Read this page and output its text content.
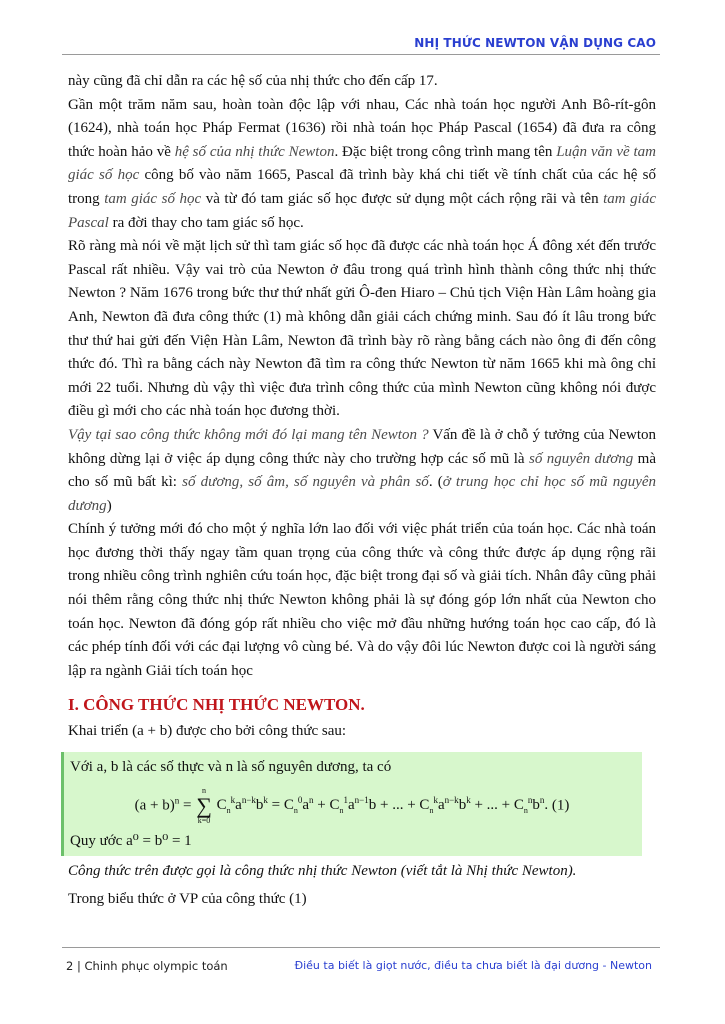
NHỊ THỨC NEWTON VẬN DỤNG CAO

này cũng đã chỉ dẫn ra các hệ số của nhị thức cho đến cấp 17.

Gần một trăm năm sau, hoàn toàn độc lập với nhau, Các nhà toán học người Anh Bô-rít-gôn (1624), nhà toán học Pháp Fermat (1636) rồi nhà toán học Pháp Pascal (1654) đã đưa ra công thức hoàn hảo về hệ số của nhị thức Newton. Đặc biệt trong công trình mang tên Luận văn về tam giác số học công bố vào năm 1665, Pascal đã trình bày khá chi tiết về tính chất của các hệ số trong tam giác số học và từ đó tam giác số học được sử dụng một cách rộng rãi và tên tam giác Pascal ra đời thay cho tam giác số học.

Rõ ràng mà nói về mặt lịch sử thì tam giác số học đã được các nhà toán học Á đông xét đến trước Pascal rất nhiều. Vậy vai trò của Newton ở đâu trong quá trình hình thành công thức nhị thức Newton ? Năm 1676 trong bức thư thứ nhất gửi Ô-đen Hiaro – Chủ tịch Viện Hàn Lâm hoàng gia Anh, Newton đã đưa công thức (1) mà không dẫn giải cách chứng minh. Sau đó ít lâu trong bức thư thứ hai gửi đến Viện Hàn Lâm, Newton đã trình bày rõ ràng bằng cách nào ông đi đến công thức đó. Thì ra bằng cách này Newton đã tìm ra công thức Newton từ năm 1665 khi mà ông chỉ mới 22 tuổi. Nhưng dù vậy thì việc đưa trình công thức của mình Newton cũng không nói được điều gì mới cho các nhà toán học đương thời.

Vậy tại sao công thức không mới đó lại mang tên Newton ? Vấn đề là ở chỗ ý tưởng của Newton không dừng lại ở việc áp dụng công thức này cho trường hợp các số mũ là số nguyên dương mà cho số mũ bất kì: số dương, số âm, số nguyên và phân số. (ở trung học chỉ học số mũ nguyên dương)

Chính ý tưởng mới đó cho một ý nghĩa lớn lao đối với việc phát triển của toán học. Các nhà toán học đương thời thấy ngay tầm quan trọng của công thức và công thức được áp dụng rộng rãi trong nhiều công trình nghiên cứu toán học, đặc biệt trong đại số và giải tích. Nhân đây cũng phải nói thêm rằng công thức nhị thức Newton không phải là sự đóng góp lớn nhất của Newton cho toán học. Newton đã đóng góp rất nhiều cho việc mở đầu những hướng toán học cao cấp, đó là các phép tính đối với các đại lượng vô cùng bé. Và do vậy đôi lúc Newton được coi là người sáng lập ra ngành Giải tích toán học

I. CÔNG THỨC NHỊ THỨC NEWTON.

Khai triển (a + b) được cho bởi công thức sau:

Với a, b là các số thực và n là số nguyên dương, ta có
$(a + b)^n$ =
n
∑
k=0
$C_n^ka^{n-k}b^k = C_n^0a^n + C_n^1a^{n-1}b$ + ... + $C_n^ka^{n-k}b^k$ + ... + $C_n^nb^n$. (1)
Quy ước a⁰ = b⁰ = 1

Công thức trên được gọi là công thức nhị thức Newton (viết tắt là Nhị thức Newton).

Trong biểu thức ở VP của công thức (1)

2 | Chinh phục olympic toán	Điều ta biết là giọt nước, điều ta chưa biết là đại dương - Newton
